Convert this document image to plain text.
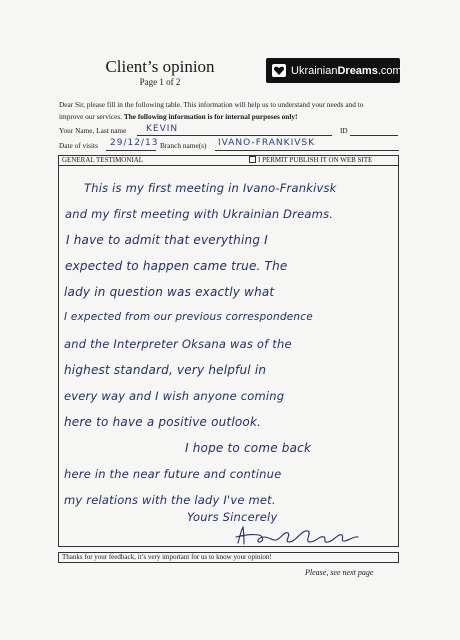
Client’s opinion
Page 1 of 2
UkrainianDreams.com
Dear Sir, please fill in the following table. This information will help us to understand your needs and to
improve our services. The following information is for internal purposes only!
Your Name, Last name KEVIN	ID
Date of visits 29/12/13 Branch name(s) IVANO-FRANKIVSK
GENERAL TESTIMONIAL	I PERMIT PUBLISH IT ON WEB SITE
This is my first meeting in Ivano-Frankivsk
and my first meeting with Ukrainian Dreams.
I have to admit that everything I
expected to happen came true. The
lady in question was exactly what
I expected from our previous correspondence
and the Interpreter Oksana was of the
highest standard, very helpful in
every way and I wish anyone coming
here to have a positive outlook.
I hope to come back
here in the near future and continue
my relations with the lady I've met.
Yours Sincerely
Thanks for your feedback, it’s very important for us to know your opinion!
Please, see next page
